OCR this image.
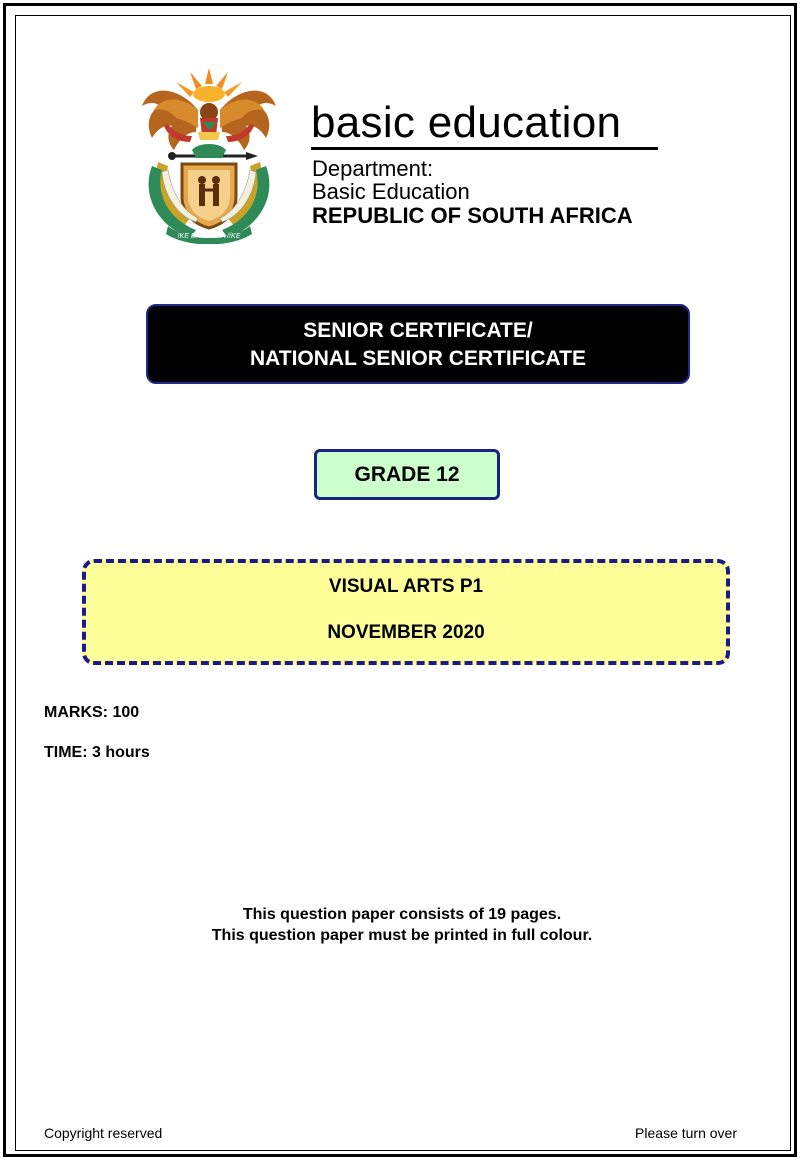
!KE E: /XARRA //KE
basic education
Department:
Basic Education
REPUBLIC OF SOUTH AFRICA
SENIOR CERTIFICATE/
NATIONAL SENIOR CERTIFICATE
GRADE 12
VISUAL ARTS P1
NOVEMBER 2020
MARKS: 100
TIME: 3 hours
This question paper consists of 19 pages.
This question paper must be printed in full colour.
Copyright reserved	Please turn over
